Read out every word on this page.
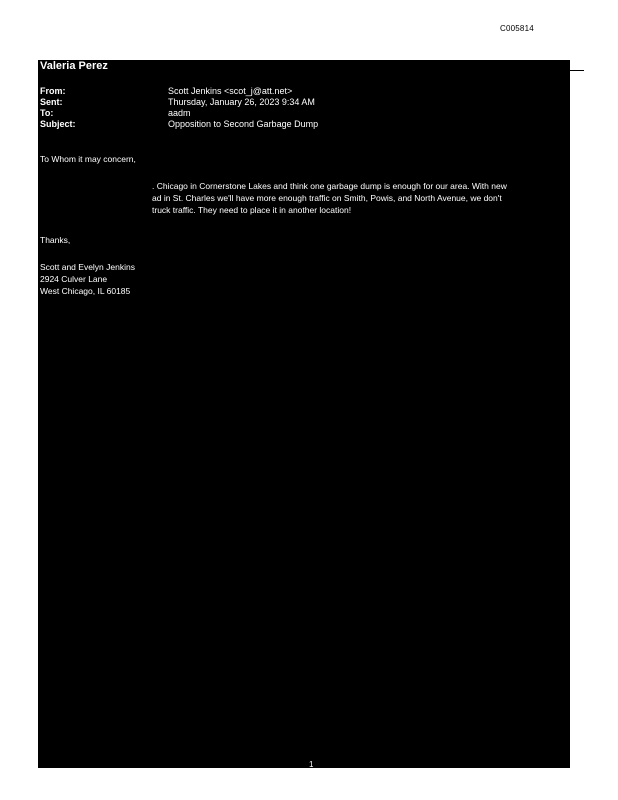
C005814
Valeria Perez
From:	Scott Jenkins <scot_j@att.net>
Sent:	Thursday, January 26, 2023 9:34 AM
To:	aadm
Subject:	Opposition to Second Garbage Dump
To Whom it may concern,
. Chicago in Cornerstone Lakes and think one garbage dump is enough for our area. With new
ad in St. Charles we'll have more enough traffic on Smith, Powis, and North Avenue, we don't
truck traffic. They need to place it in another location!
Thanks,
Scott and Evelyn Jenkins
2924 Culver Lane
West Chicago, IL 60185
1
